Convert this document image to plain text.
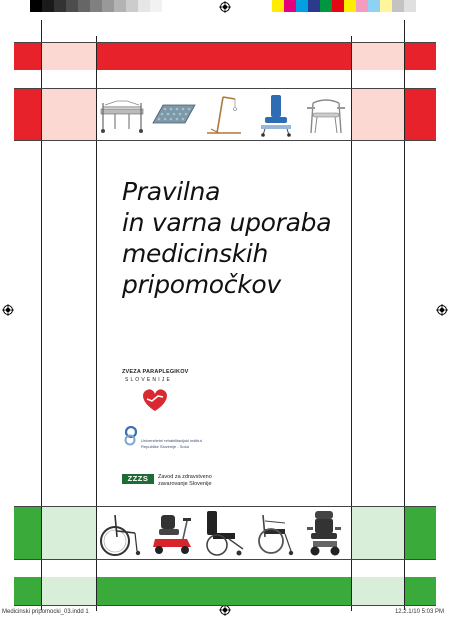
Pravilna
in varna uporaba
medicinskih
pripomočkov
ZVEZA PARAPLEGIKOV
S L O V E N I J E
Univerzitetni rehabilitacijski inštitut
Republike Slovenije - Soča
ZZZS	Zavod za zdravstveno
zavarovanje Slovenije
Medicinski pripomocki_03.indd 1	12.2.1/10 5:03 PM
